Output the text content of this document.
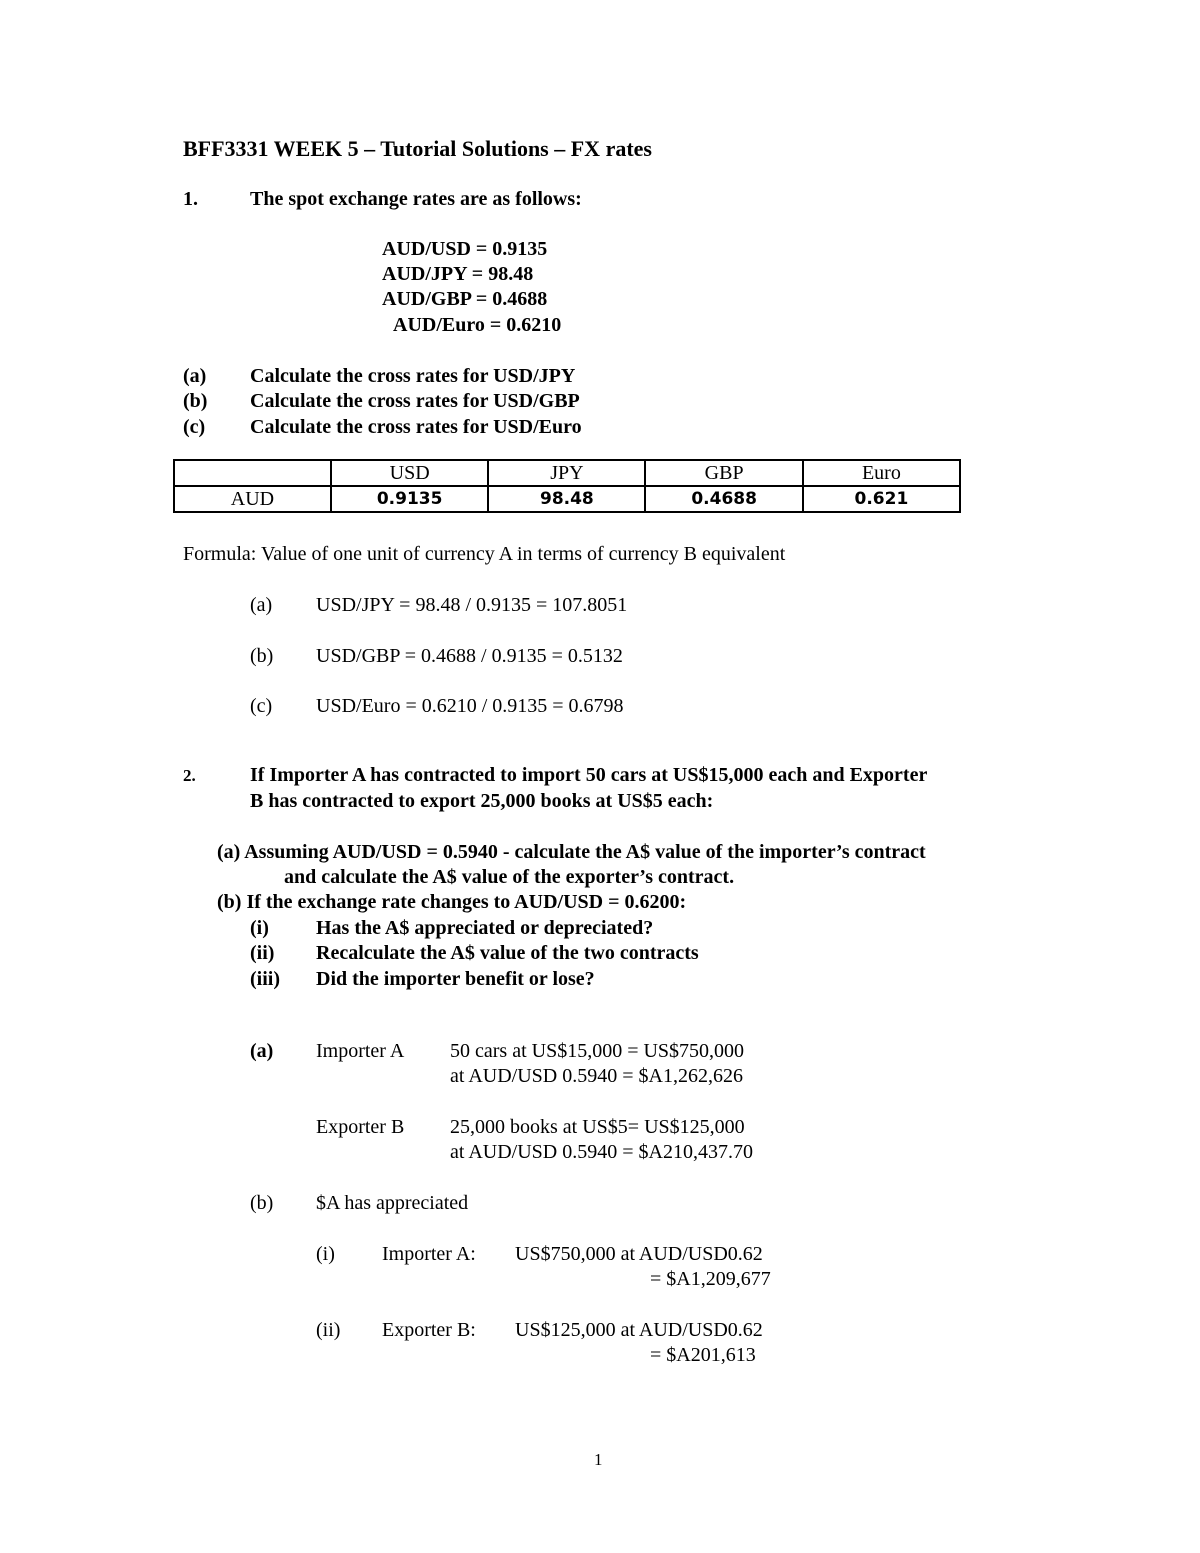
BFF3331 WEEK 5 – Tutorial Solutions – FX rates
1.	The spot exchange rates are as follows:
AUD/USD = 0.9135
AUD/JPY = 98.48
AUD/GBP = 0.4688
AUD/Euro = 0.6210
(a) Calculate the cross rates for USD/JPY
(b) Calculate the cross rates for USD/GBP
(c) Calculate the cross rates for USD/Euro
	USD	JPY	GBP	Euro
AUD	0.9135	98.48	0.4688	0.621
Formula: Value of one unit of currency A in terms of currency B equivalent
(a) USD/JPY = 98.48 / 0.9135 = 107.8051
(b) USD/GBP = 0.4688 / 0.9135 = 0.5132
(c) USD/Euro = 0.6210 / 0.9135 = 0.6798
2.	If Importer A has contracted to import 50 cars at US$15,000 each and Exporter
B has contracted to export 25,000 books at US$5 each:
(a) Assuming AUD/USD = 0.5940 - calculate the A$ value of the importer’s contract
and calculate the A$ value of the exporter’s contract.
(b) If the exchange rate changes to AUD/USD = 0.6200:
(i) Has the A$ appreciated or depreciated?
(ii) Recalculate the A$ value of the two contracts
(iii) Did the importer benefit or lose?
(a) Importer A 50 cars at US$15,000 = US$750,000
at AUD/USD 0.5940 = $A1,262,626
Exporter B 25,000 books at US$5= US$125,000
at AUD/USD 0.5940 = $A210,437.70
(b) $A has appreciated
(i) Importer A: US$750,000 at AUD/USD0.62
= $A1,209,677
(ii) Exporter B: US$125,000 at AUD/USD0.62
= $A201,613
1
